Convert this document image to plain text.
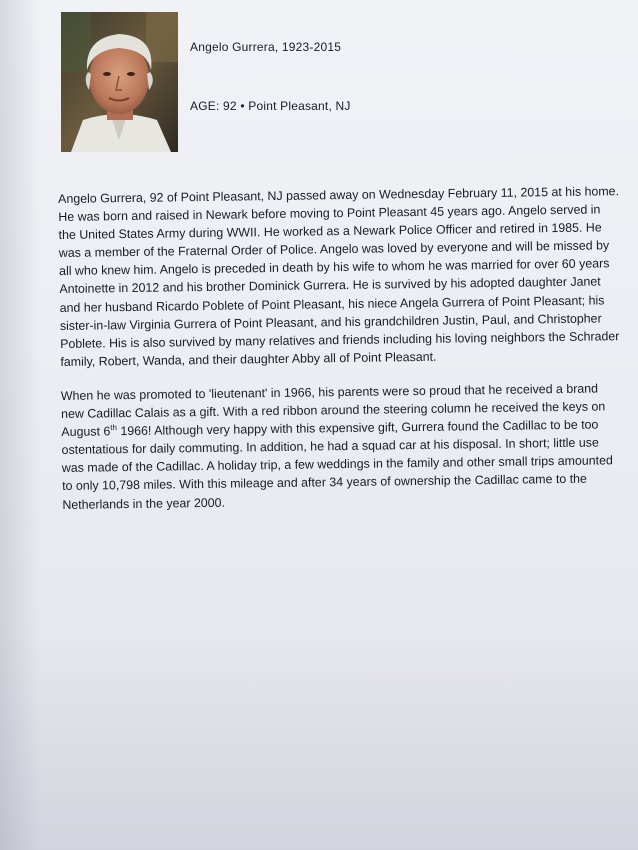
Angelo Gurrera, 1923-2015
AGE: 92 • Point Pleasant, NJ

Angelo Gurrera, 92 of Point Pleasant, NJ passed away on Wednesday February 11, 2015 at his home.
He was born and raised in Newark before moving to Point Pleasant 45 years ago. Angelo served in
the United States Army during WWII. He worked as a Newark Police Officer and retired in 1985. He
was a member of the Fraternal Order of Police. Angelo was loved by everyone and will be missed by
all who knew him. Angelo is preceded in death by his wife to whom he was married for over 60 years
Antoinette in 2012 and his brother Dominick Gurrera. He is survived by his adopted daughter Janet
and her husband Ricardo Poblete of Point Pleasant, his niece Angela Gurrera of Point Pleasant; his
sister-in-law Virginia Gurrera of Point Pleasant, and his grandchildren Justin, Paul, and Christopher
Poblete. His is also survived by many relatives and friends including his loving neighbors the Schrader
family, Robert, Wanda, and their daughter Abby all of Point Pleasant.

When he was promoted to 'lieutenant' in 1966, his parents were so proud that he received a brand
new Cadillac Calais as a gift. With a red ribbon around the steering column he received the keys on
August 6th 1966! Although very happy with this expensive gift, Gurrera found the Cadillac to be too
ostentatious for daily commuting. In addition, he had a squad car at his disposal. In short; little use
was made of the Cadillac. A holiday trip, a few weddings in the family and other small trips amounted
to only 10,798 miles. With this mileage and after 34 years of ownership the Cadillac came to the
Netherlands in the year 2000.
